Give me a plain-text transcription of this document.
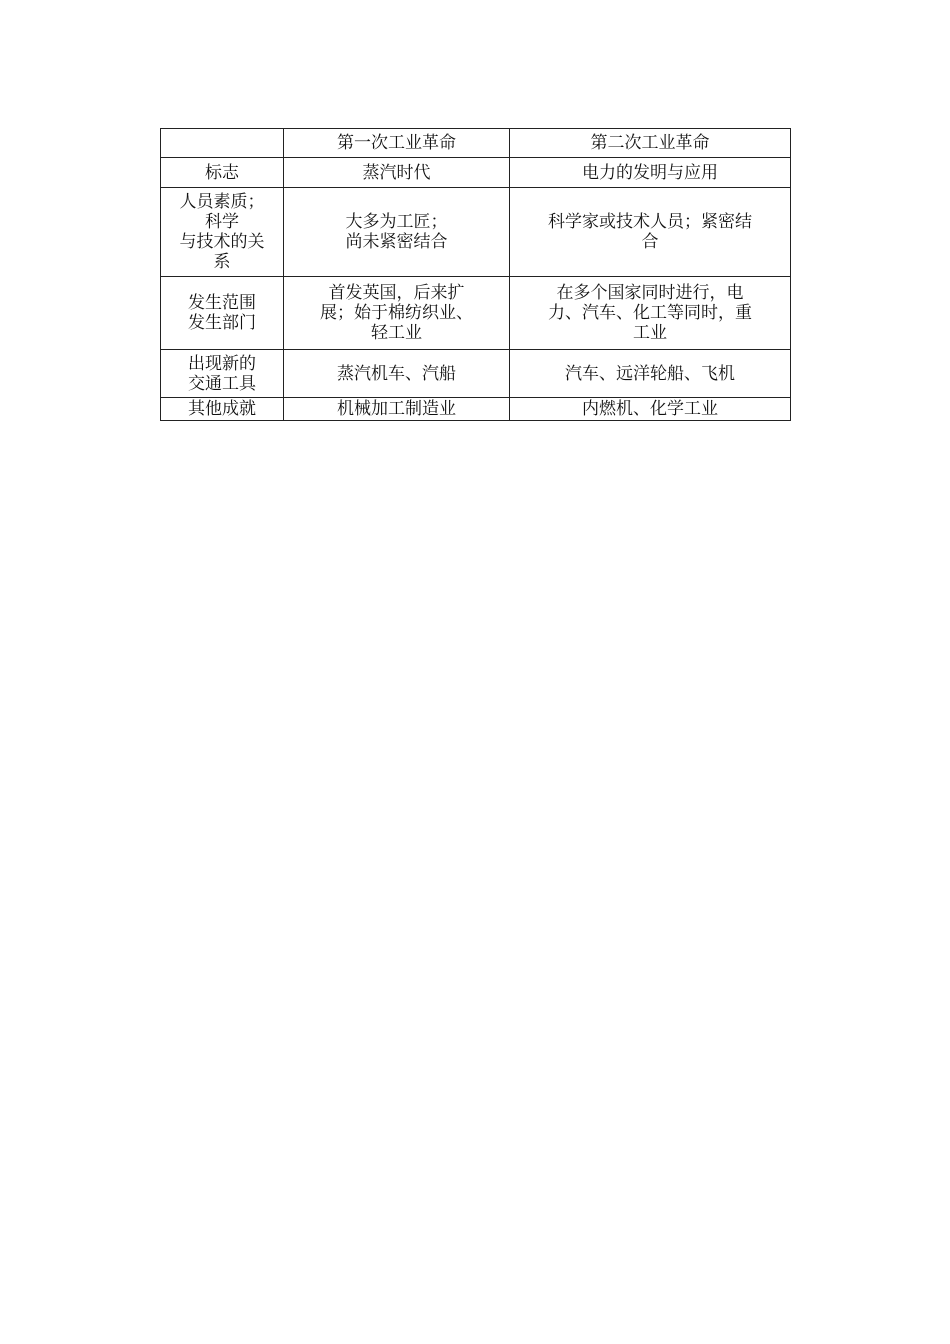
	第一次工业革命	第二次工业革命

标志	蒸汽时代	电力的发明与应用

人员素质；
科学
与技术的关
系	大多为工匠；
尚未紧密结合	科学家或技术人员；紧密结
合

发生范围
发生部门	首发英国，后来扩
展；始于棉纺织业、
轻工业	在多个国家同时进行，电
力、汽车、化工等同时，重
工业

出现新的
交通工具	蒸汽机车、汽船	汽车、远洋轮船、飞机

其他成就	机械加工制造业	内燃机、化学工业
